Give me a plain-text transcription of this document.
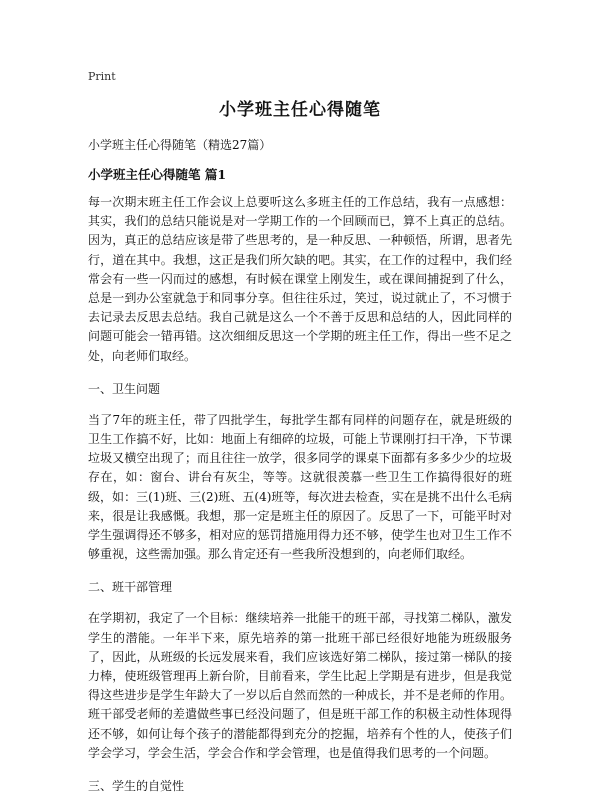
Print
小学班主任心得随笔
小学班主任心得随笔（精选27篇）
小学班主任心得随笔 篇1

每一次期末班主任工作会议上总要听这么多班主任的工作总结，我有一点感想：其实，我们的总结只能说是对一学期工作的一个回顾而已，算不上真正的总结。因为，真正的总结应该是带了些思考的，是一种反思、一种顿悟，所谓，思者先行，道在其中。我想，这正是我们所欠缺的吧。其实，在工作的过程中，我们经常会有一些一闪而过的感想，有时候在课堂上刚发生，或在课间捕捉到了什么，总是一到办公室就急于和同事分享。但往往乐过，笑过，说过就止了，不习惯于去记录去反思去总结。我自己就是这么一个不善于反思和总结的人，因此同样的问题可能会一错再错。这次细细反思这一个学期的班主任工作，得出一些不足之处，向老师们取经。

一、卫生问题

当了7年的班主任，带了四批学生，每批学生都有同样的问题存在，就是班级的卫生工作搞不好，比如：地面上有细碎的垃圾，可能上节课刚打扫干净，下节课垃圾又横空出现了；而且往往一放学，很多同学的课桌下面都有多多少少的垃圾存在，如：窗台、讲台有灰尘，等等。这就很羡慕一些卫生工作搞得很好的班级，如：三(1)班、三(2)班、五(4)班等，每次进去检查，实在是挑不出什么毛病来，很是让我感慨。我想，那一定是班主任的原因了。反思了一下，可能平时对学生强调得还不够多，相对应的惩罚措施用得力还不够，使学生也对卫生工作不够重视，这些需加强。那么肯定还有一些我所没想到的，向老师们取经。

二、班干部管理

在学期初，我定了一个目标：继续培养一批能干的班干部，寻找第二梯队，激发学生的潜能。一年半下来，原先培养的第一批班干部已经很好地能为班级服务了，因此，从班级的长远发展来看，我们应该选好第二梯队，接过第一梯队的接力棒，使班级管理再上新台阶，目前看来，学生比起上学期是有进步，但是我觉得这些进步是学生年龄大了一岁以后自然而然的一种成长，并不是老师的作用。班干部受老师的差遣做些事已经没问题了，但是班干部工作的积极主动性体现得还不够，如何让每个孩子的潜能都得到充分的挖掘，培养有个性的人，使孩子们学会学习，学会生活，学会合作和学会管理，也是值得我们思考的一个问题。

三、学生的自觉性
